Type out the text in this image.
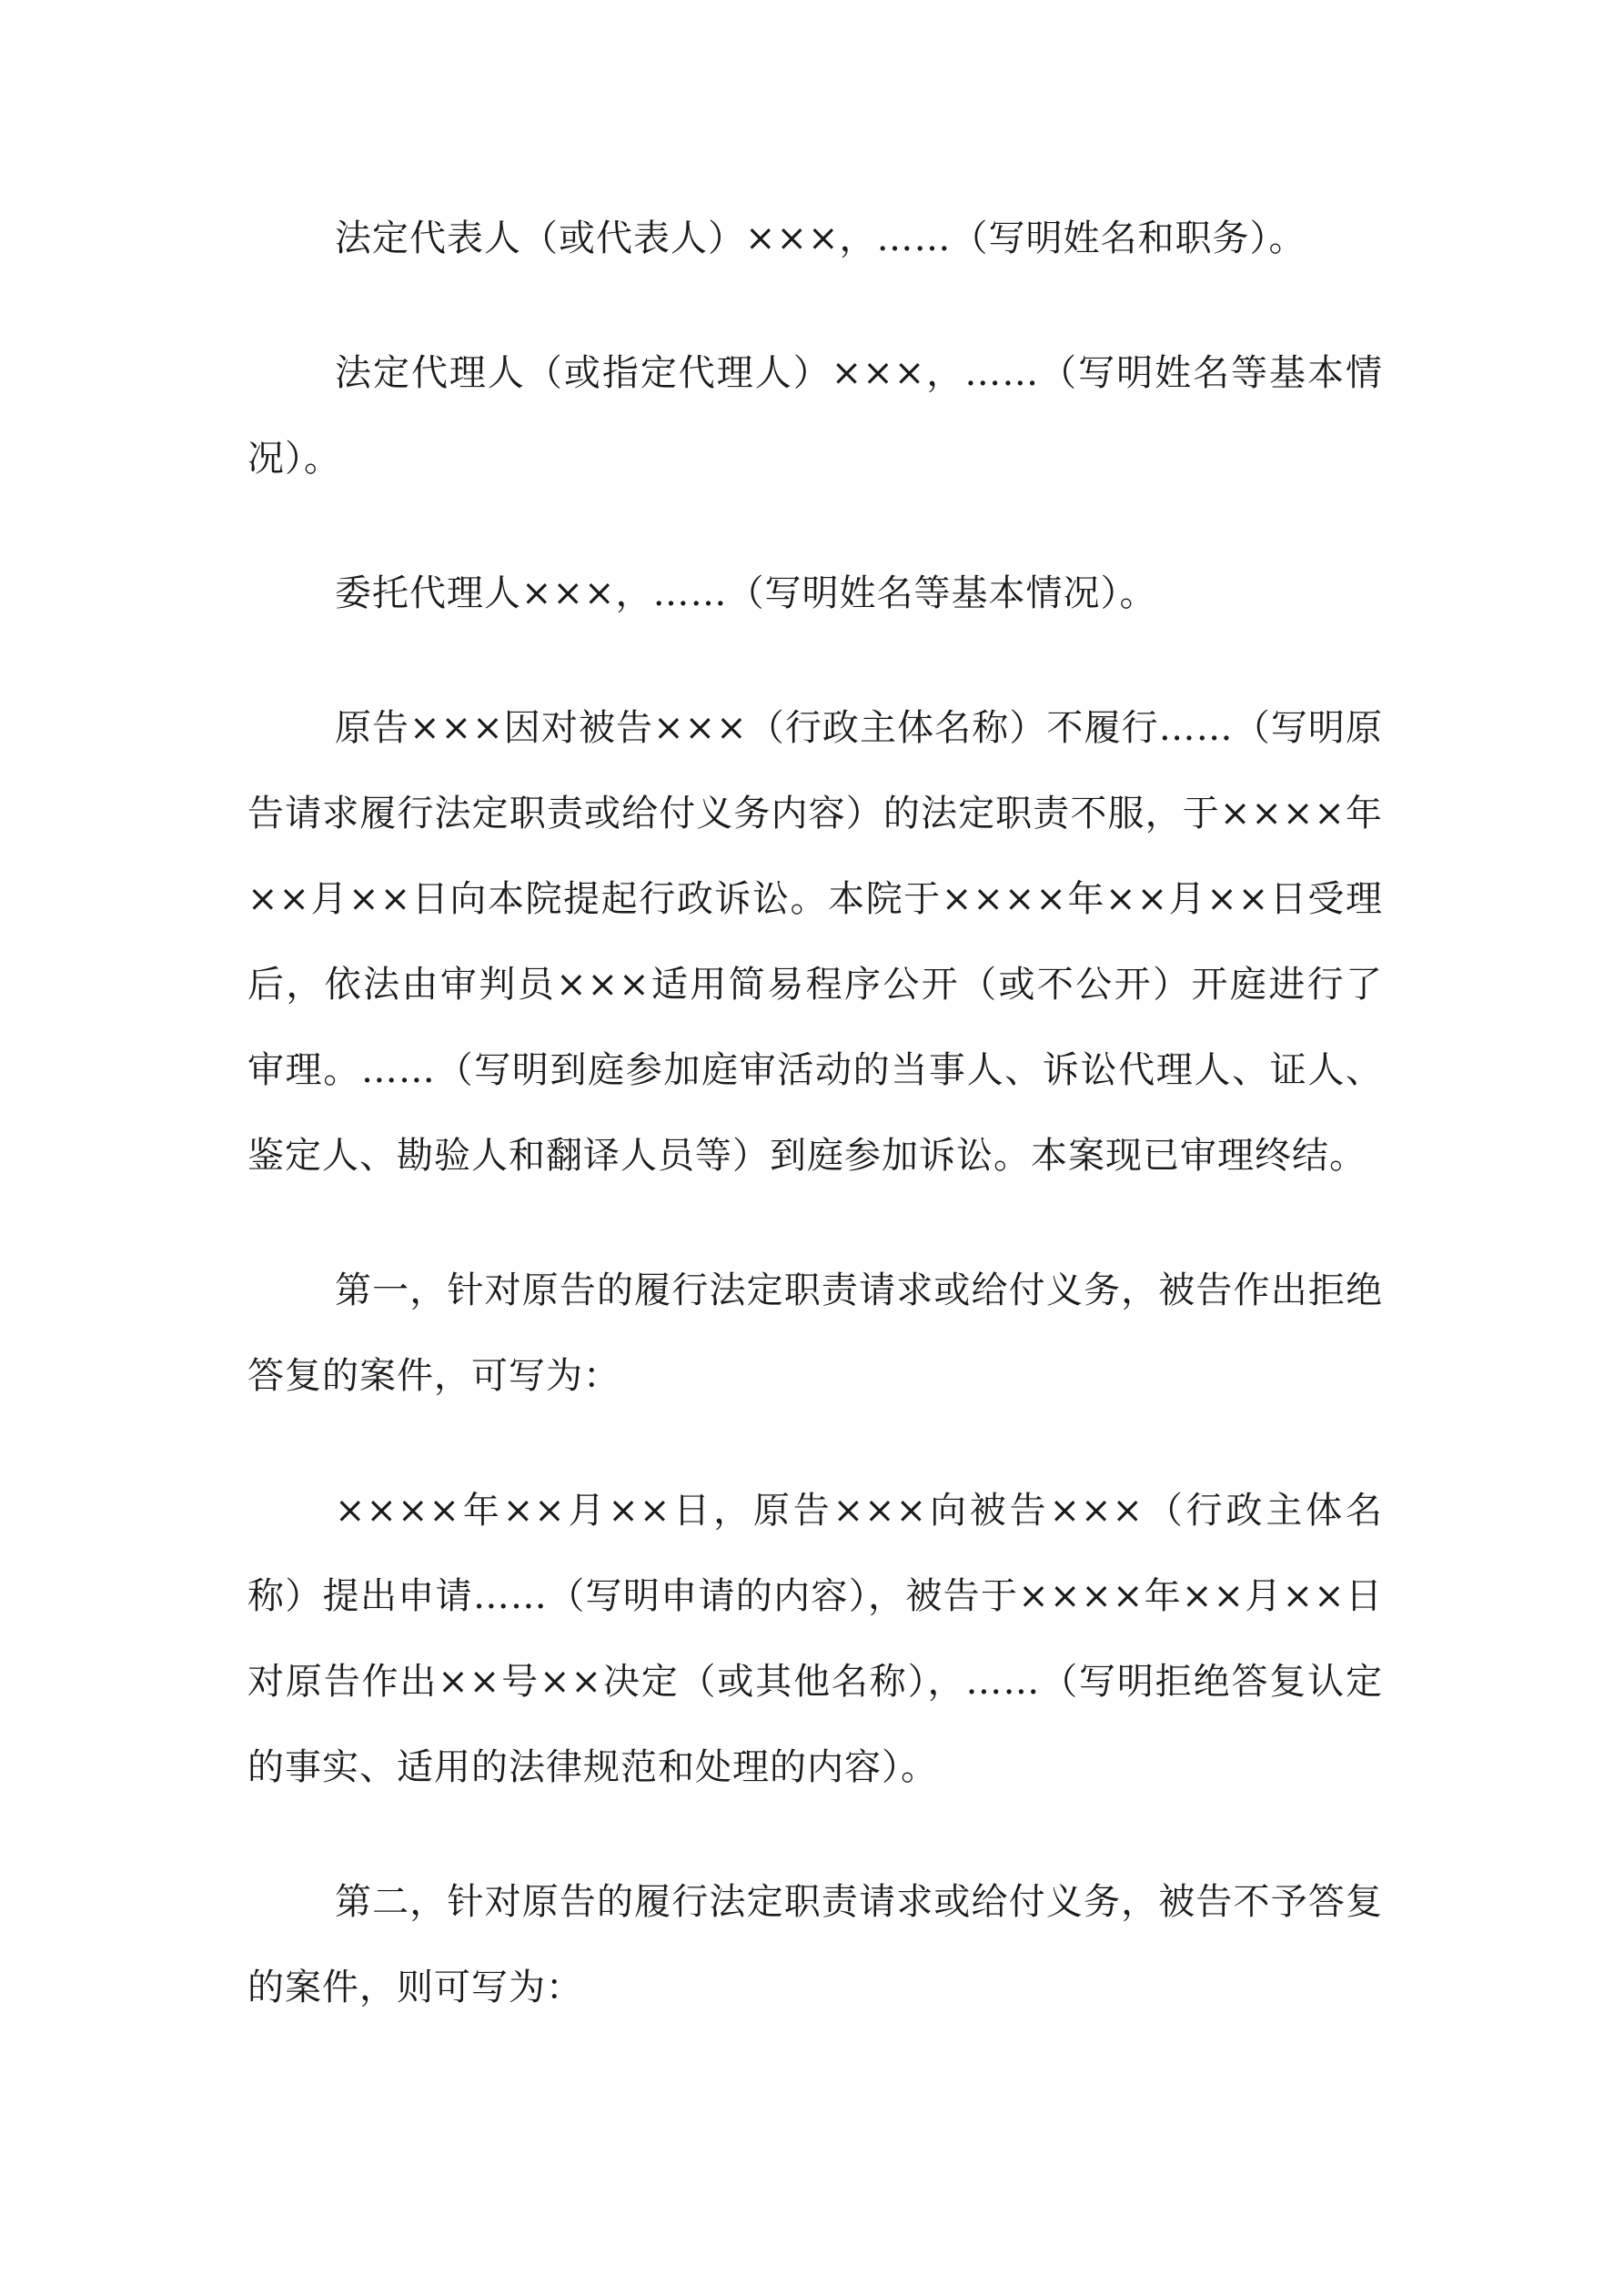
法定代表人（或代表人）×××，……（写明姓名和职务）。

法定代理人（或指定代理人）×××，……（写明姓名等基本情况）。

委托代理人×××，……（写明姓名等基本情况）。

原告×××因对被告×××（行政主体名称）不履行……（写明原告请求履行法定职责或给付义务内容）的法定职责不服，于××××年××月××日向本院提起行政诉讼。本院于××××年××月××日受理后，依法由审判员×××适用简易程序公开（或不公开）开庭进行了审理。……（写明到庭参加庭审活动的当事人、诉讼代理人、证人、鉴定人、勘验人和翻译人员等）到庭参加诉讼。本案现已审理终结。

第一，针对原告的履行法定职责请求或给付义务，被告作出拒绝答复的案件，可写为：

××××年××月××日，原告×××向被告×××（行政主体名称）提出申请……（写明申请的内容），被告于××××年××月××日对原告作出××号××决定（或其他名称），……（写明拒绝答复认定的事实、适用的法律规范和处理的内容）。

第二，针对原告的履行法定职责请求或给付义务，被告不予答复的案件，则可写为：
